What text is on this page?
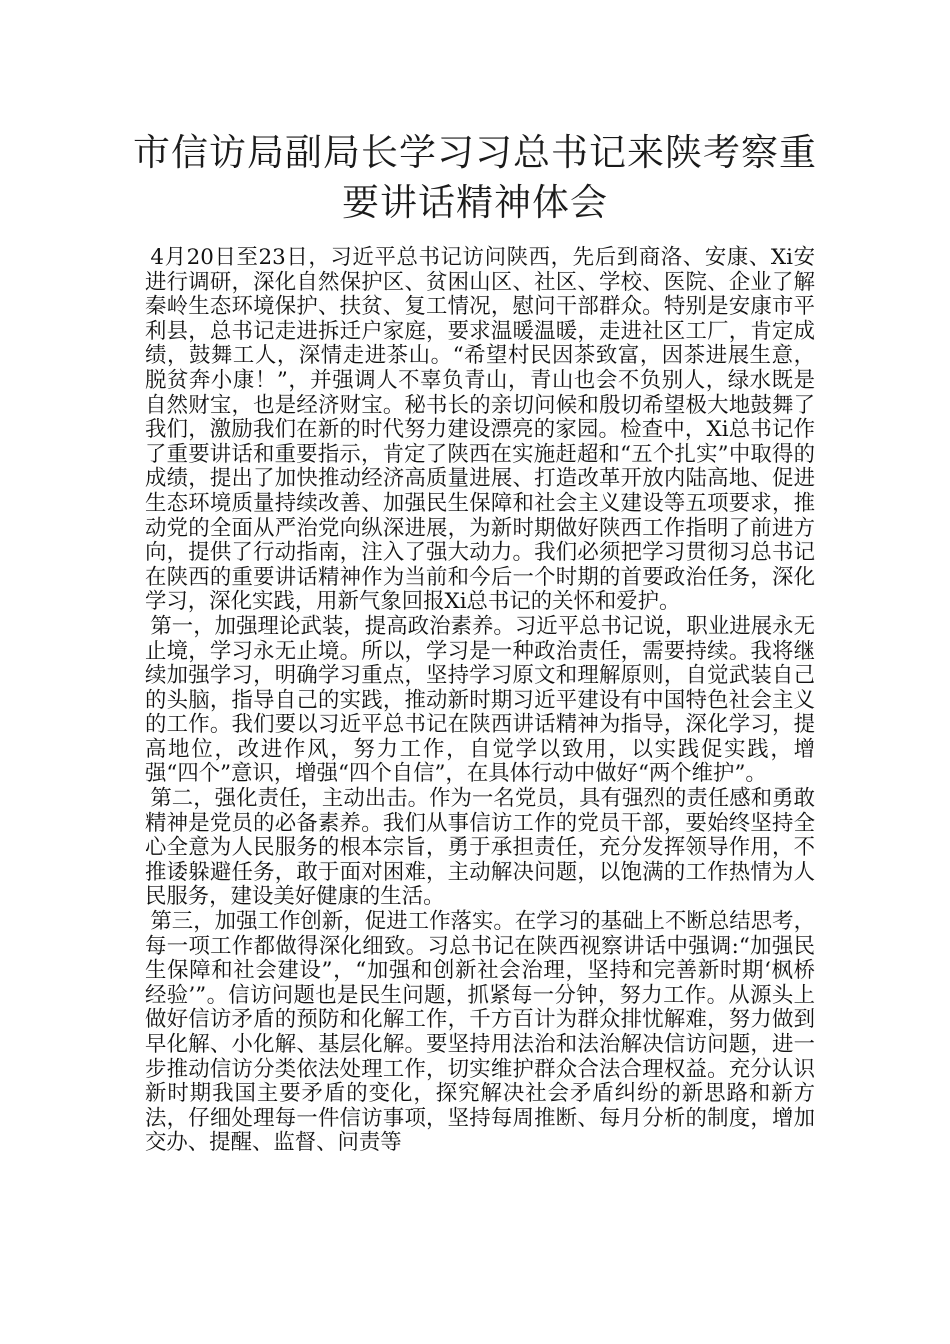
市信访局副局长学习习总书记来陕考察重
要讲话精神体会

4月20日至23日，习近平总书记访问陕西，先后到商洛、安康、Xi安进行调研，深化自然保护区、贫困山区、社区、学校、医院、企业了解秦岭生态环境保护、扶贫、复工情况，慰问干部群众。特别是安康市平利县，总书记走进拆迁户家庭，要求温暖温暖，走进社区工厂，肯定成绩，鼓舞工人，深情走进茶山。“希望村民因茶致富，因茶进展生意，脱贫奔小康！”，并强调人不辜负青山，青山也会不负别人，绿水既是自然财宝，也是经济财宝。秘书长的亲切问候和殷切希望极大地鼓舞了我们，激励我们在新的时代努力建设漂亮的家园。检查中，Xi总书记作了重要讲话和重要指示，肯定了陕西在实施赶超和“五个扎实”中取得的成绩，提出了加快推动经济高质量进展、打造改革开放内陆高地、促进生态环境质量持续改善、加强民生保障和社会主义建设等五项要求，推动党的全面从严治党向纵深进展，为新时期做好陕西工作指明了前进方向，提供了行动指南，注入了强大动力。我们必须把学习贯彻习总书记在陕西的重要讲话精神作为当前和今后一个时期的首要政治任务，深化学习，深化实践，用新气象回报Xi总书记的关怀和爱护。

第一，加强理论武装，提高政治素养。习近平总书记说，职业进展永无止境，学习永无止境。所以，学习是一种政治责任，需要持续。我将继续加强学习，明确学习重点，坚持学习原文和理解原则，自觉武装自己的头脑，指导自己的实践，推动新时期习近平建设有中国特色社会主义的工作。我们要以习近平总书记在陕西讲话精神为指导，深化学习，提高地位，改进作风，努力工作，自觉学以致用，以实践促实践，增强“四个”意识，增强“四个自信”，在具体行动中做好“两个维护”。

第二，强化责任，主动出击。作为一名党员，具有强烈的责任感和勇敢精神是党员的必备素养。我们从事信访工作的党员干部，要始终坚持全心全意为人民服务的根本宗旨，勇于承担责任，充分发挥领导作用，不推诿躲避任务，敢于面对困难，主动解决问题，以饱满的工作热情为人民服务，建设美好健康的生活。

第三，加强工作创新，促进工作落实。在学习的基础上不断总结思考，每一项工作都做得深化细致。习总书记在陕西视察讲话中强调:“加强民生保障和社会建设”，“加强和创新社会治理，坚持和完善新时期‘枫桥经验’”。信访问题也是民生问题，抓紧每一分钟，努力工作。从源头上做好信访矛盾的预防和化解工作，千方百计为群众排忧解难，努力做到早化解、小化解、基层化解。要坚持用法治和法治解决信访问题，进一步推动信访分类依法处理工作，切实维护群众合法合理权益。充分认识新时期我国主要矛盾的变化，探究解决社会矛盾纠纷的新思路和新方法，仔细处理每一件信访事项，坚持每周推断、每月分析的制度，增加交办、提醒、监督、问责等
